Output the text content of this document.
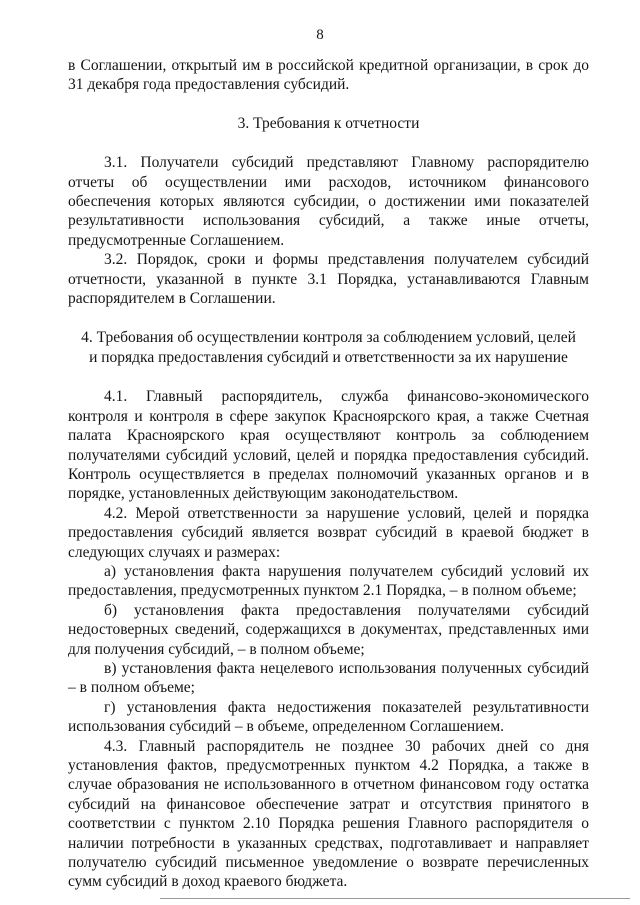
8

в Соглашении, открытый им в российской кредитной организации, в срок до 31 декабря года предоставления субсидий.

3. Требования к отчетности

3.1. Получатели субсидий представляют Главному распорядителю отчеты об осуществлении ими расходов, источником финансового обеспечения которых являются субсидии, о достижении ими показателей результативности использования субсидий, а также иные отчеты, предусмотренные Соглашением.

3.2. Порядок, сроки и формы представления получателем субсидий отчетности, указанной в пункте 3.1 Порядка, устанавливаются Главным распорядителем в Соглашении.

4. Требования об осуществлении контроля за соблюдением условий, целей

и порядка предоставления субсидий и ответственности за их нарушение

4.1. Главный распорядитель, служба финансово-экономического контроля и контроля в сфере закупок Красноярского края, а также Счетная палата Красноярского края осуществляют контроль за соблюдением получателями субсидий условий, целей и порядка предоставления субсидий. Контроль осуществляется в пределах полномочий указанных органов и в порядке, установленных действующим законодательством.

4.2. Мерой ответственности за нарушение условий, целей и порядка предоставления субсидий является возврат субсидий в краевой бюджет в следующих случаях и размерах:

а) установления факта нарушения получателем субсидий условий их предоставления, предусмотренных пунктом 2.1 Порядка, – в полном объеме;

б) установления факта предоставления получателями субсидий недостоверных сведений, содержащихся в документах, представленных ими для получения субсидий, – в полном объеме;

в) установления факта нецелевого использования полученных субсидий – в полном объеме;

г) установления факта недостижения показателей результативности использования субсидий – в объеме, определенном Соглашением.

4.3. Главный распорядитель не позднее 30 рабочих дней со дня установления фактов, предусмотренных пунктом 4.2 Порядка, а также в случае образования не использованного в отчетном финансовом году остатка субсидий на финансовое обеспечение затрат и отсутствия принятого в соответствии с пунктом 2.10 Порядка решения Главного распорядителя о наличии потребности в указанных средствах, подготавливает и направляет получателю субсидий письменное уведомление о возврате перечисленных сумм субсидий в доход краевого бюджета.
